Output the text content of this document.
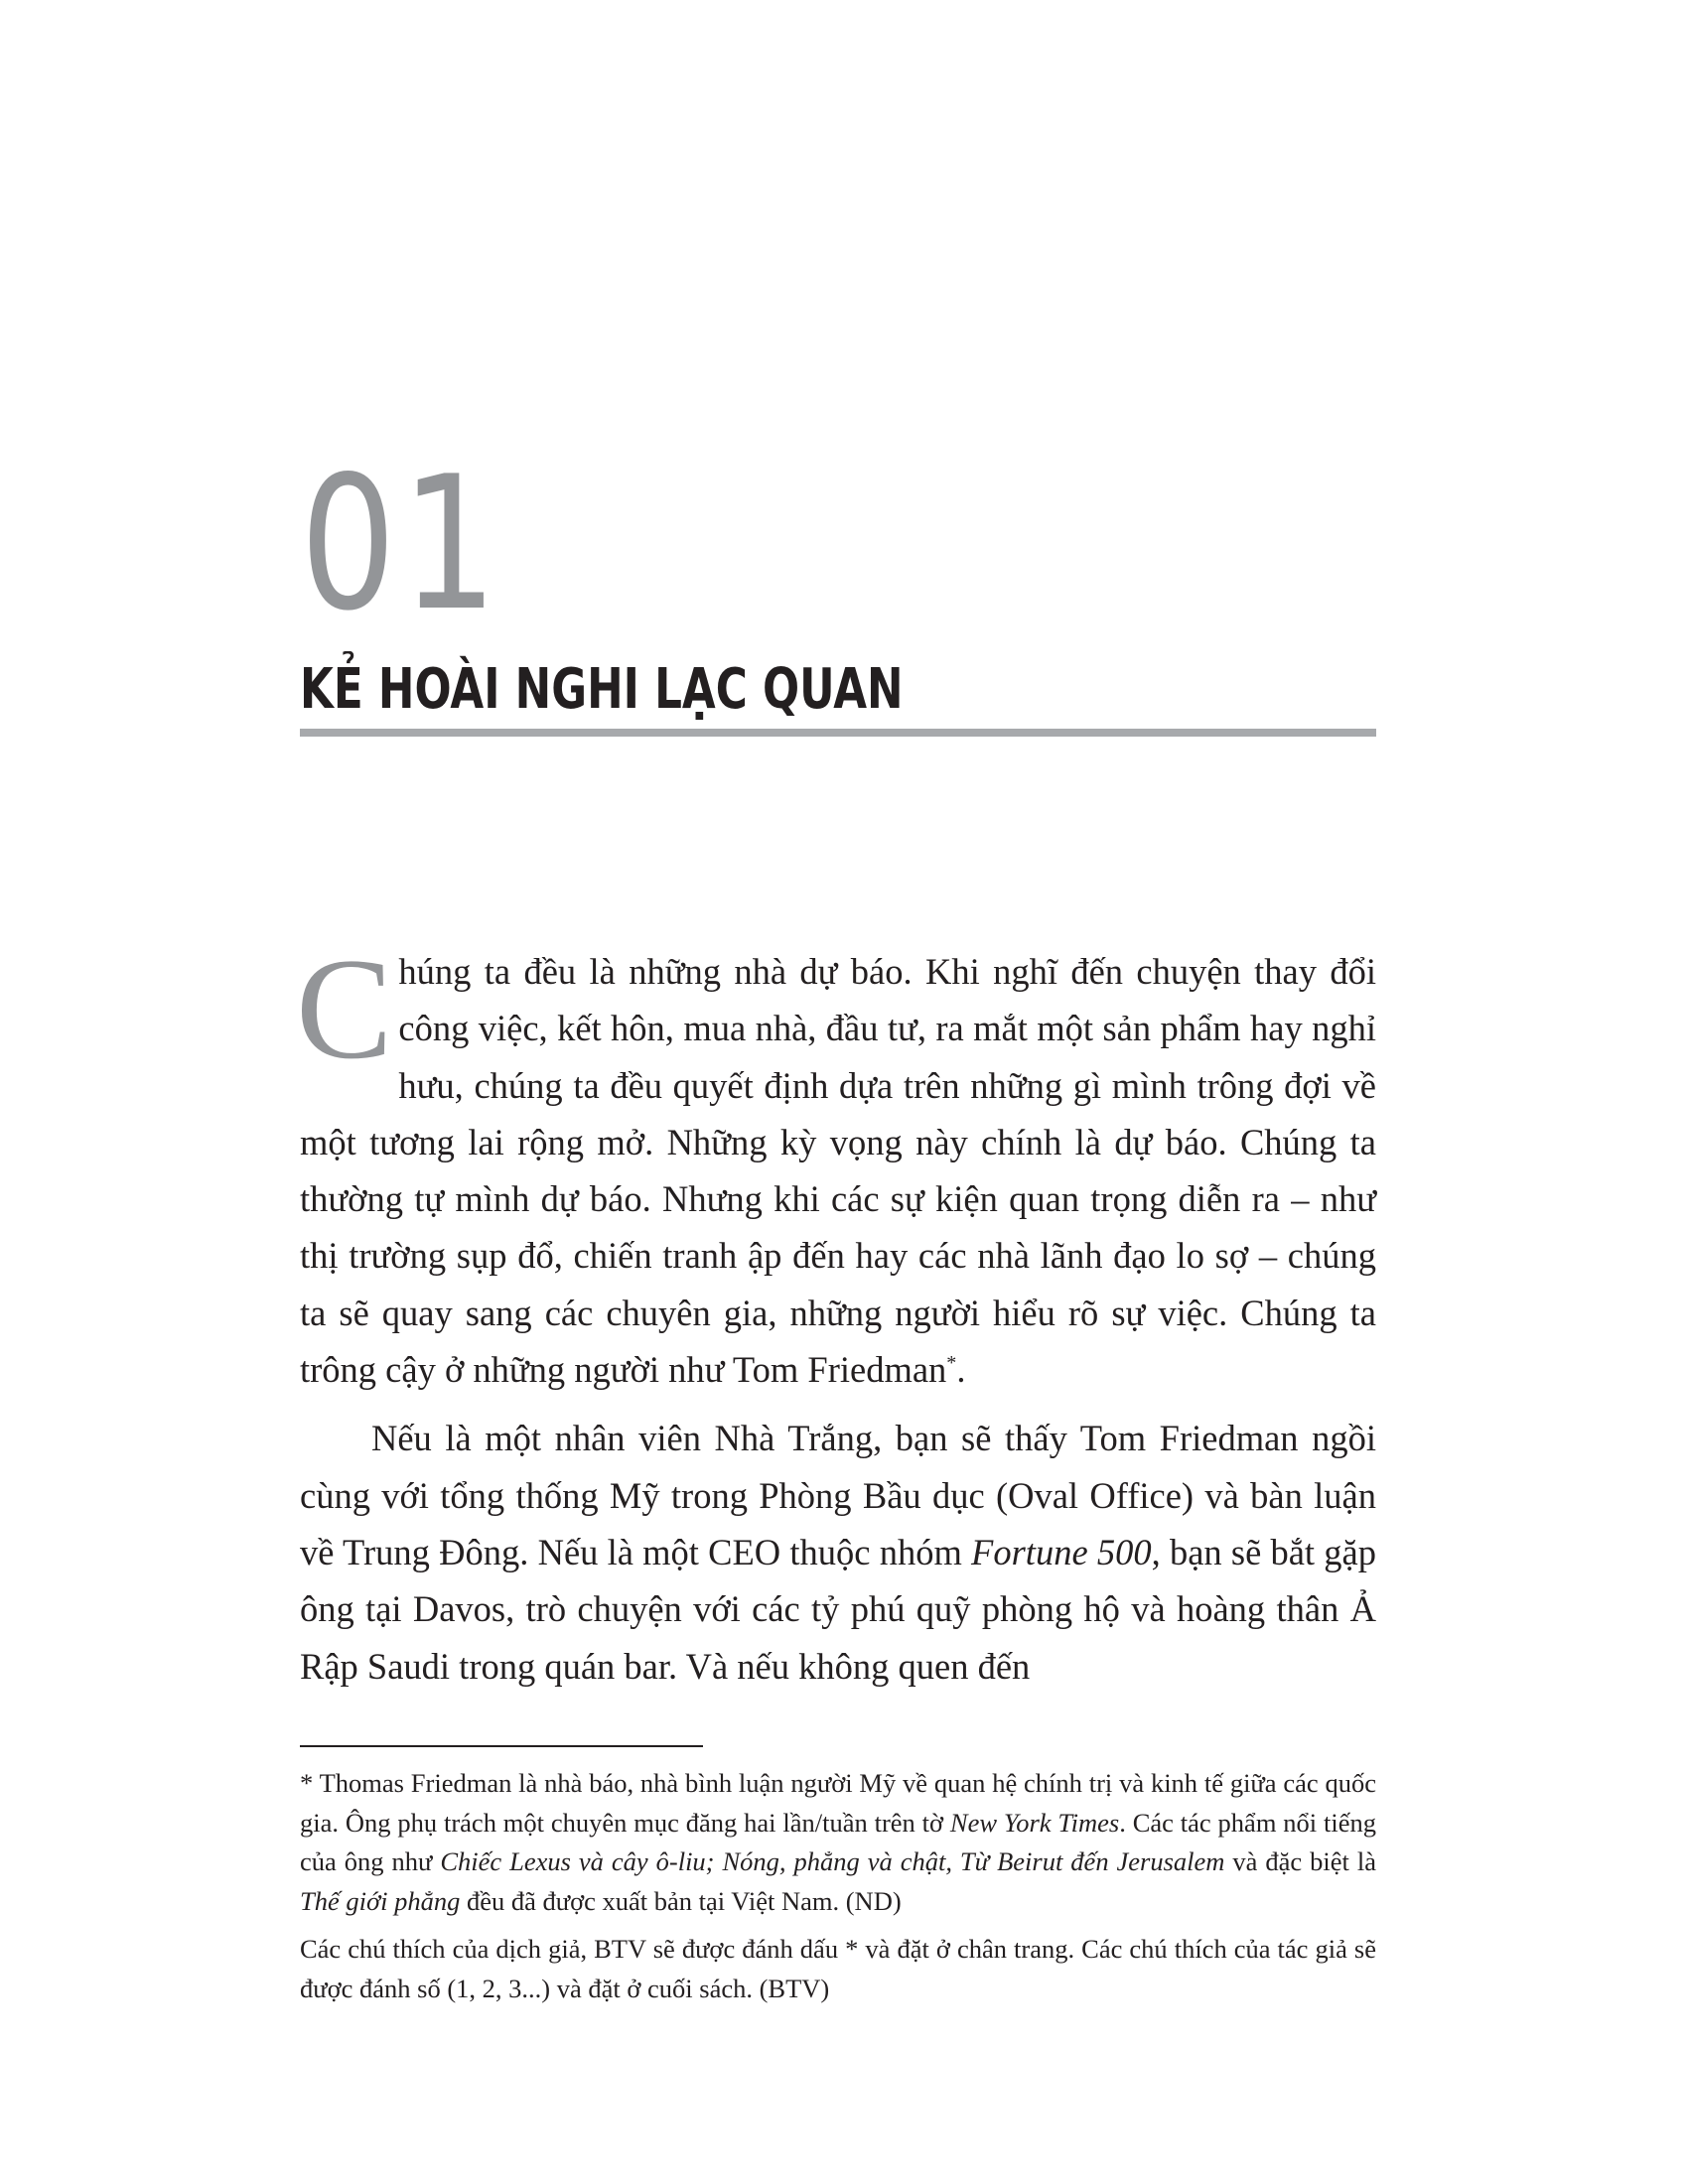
01
KẺ HOÀI NGHI LẠC QUAN

Chúng ta đều là những nhà dự báo. Khi nghĩ đến chuyện thay đổi công việc, kết hôn, mua nhà, đầu tư, ra mắt một sản phẩm hay nghỉ hưu, chúng ta đều quyết định dựa trên những gì mình trông đợi về một tương lai rộng mở. Những kỳ vọng này chính là dự báo. Chúng ta thường tự mình dự báo. Nhưng khi các sự kiện quan trọng diễn ra – như thị trường sụp đổ, chiến tranh ập đến hay các nhà lãnh đạo lo sợ – chúng ta sẽ quay sang các chuyên gia, những người hiểu rõ sự việc. Chúng ta trông cậy ở những người như Tom Friedman*.

Nếu là một nhân viên Nhà Trắng, bạn sẽ thấy Tom Friedman ngồi cùng với tổng thống Mỹ trong Phòng Bầu dục (Oval Office) và bàn luận về Trung Đông. Nếu là một CEO thuộc nhóm Fortune 500, bạn sẽ bắt gặp ông tại Davos, trò chuyện với các tỷ phú quỹ phòng hộ và hoàng thân Ả Rập Saudi trong quán bar. Và nếu không quen đến

* Thomas Friedman là nhà báo, nhà bình luận người Mỹ về quan hệ chính trị và kinh tế giữa các quốc gia. Ông phụ trách một chuyên mục đăng hai lần/tuần trên tờ New York Times. Các tác phẩm nổi tiếng của ông như Chiếc Lexus và cây ô-liu; Nóng, phẳng và chật, Từ Beirut đến Jerusalem và đặc biệt là Thế giới phẳng đều đã được xuất bản tại Việt Nam. (ND)

Các chú thích của dịch giả, BTV sẽ được đánh dấu * và đặt ở chân trang. Các chú thích của tác giả sẽ được đánh số (1, 2, 3...) và đặt ở cuối sách. (BTV)
